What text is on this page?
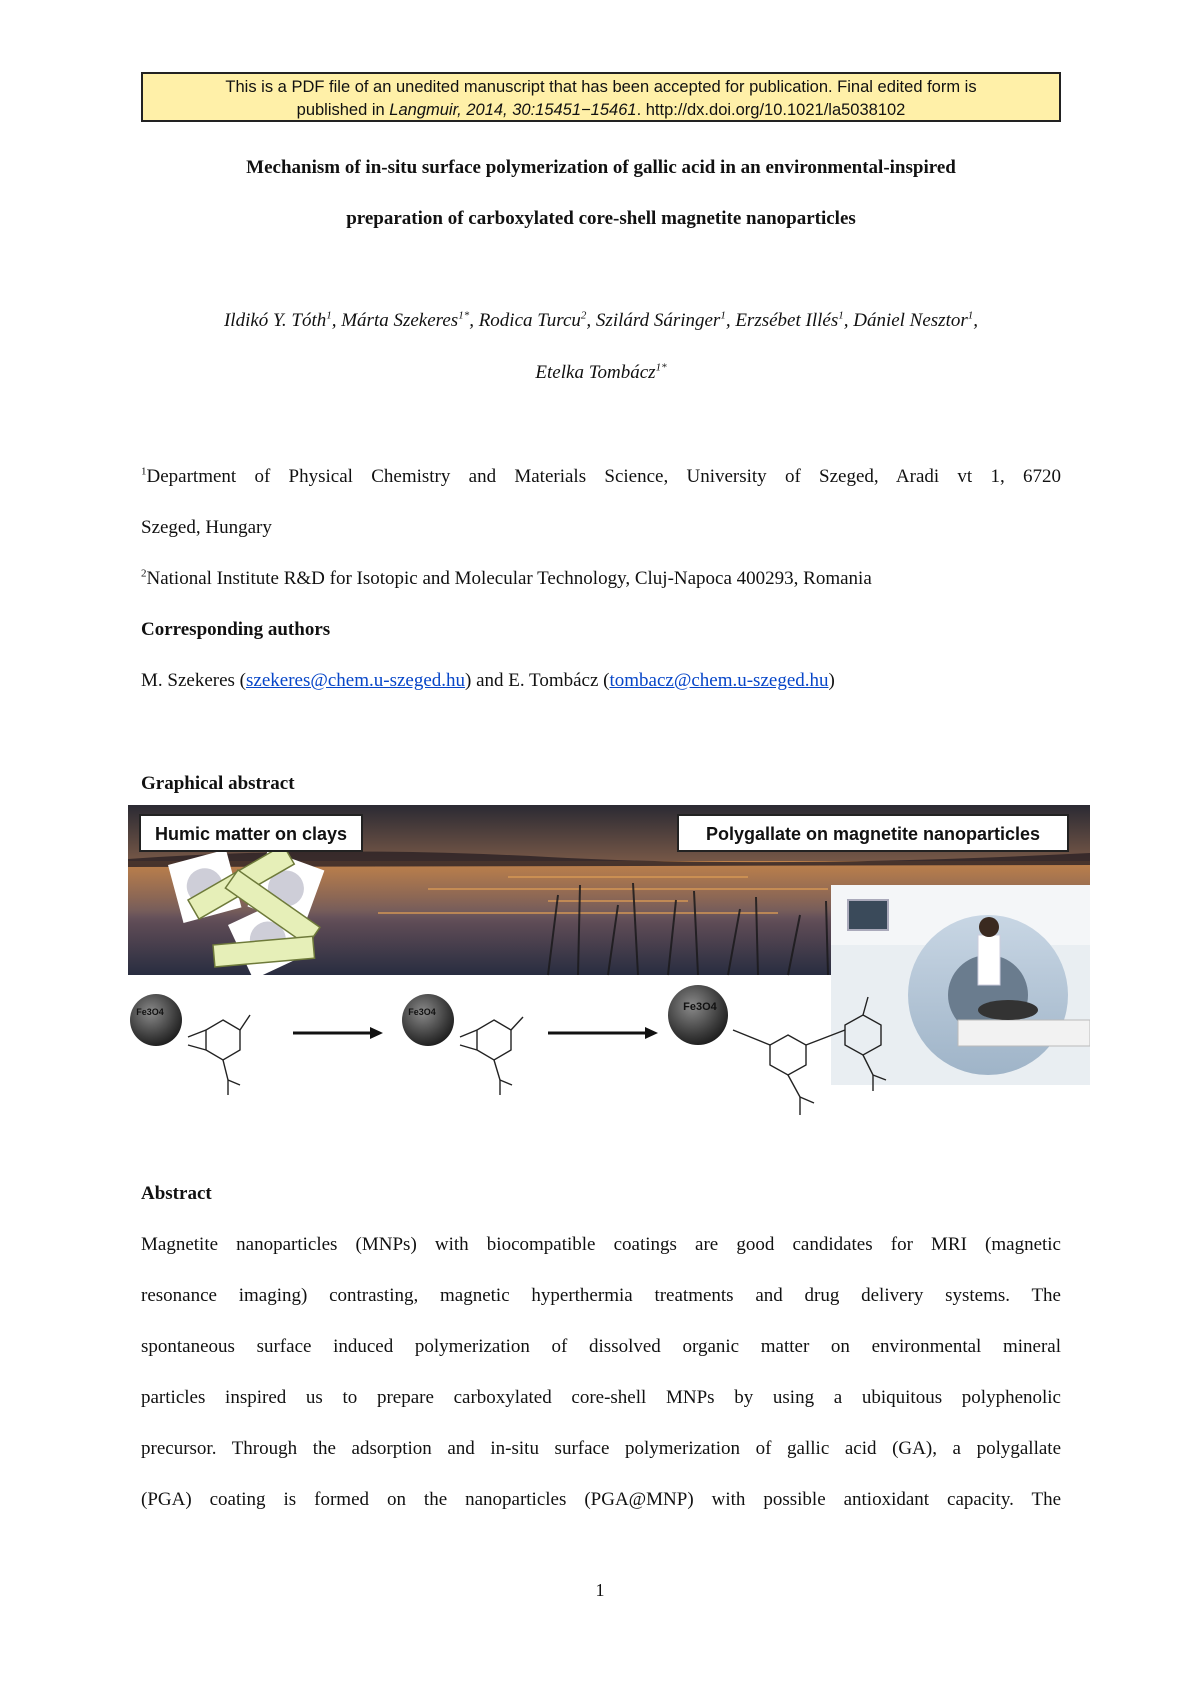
This is a PDF file of an unedited manuscript that has been accepted for publication. Final edited form is
published in Langmuir, 2014, 30:15451−15461. http://dx.doi.org/10.1021/la5038102
Mechanism of in-situ surface polymerization of gallic acid in an environmental-inspired
preparation of carboxylated core-shell magnetite nanoparticles
Ildikó Y. Tóth$^1$, Márta Szekeres$^{1*}$, Rodica Turcu$^2$, Szilárd Sáringer$^1$, Erzsébet Illés$^1$, Dániel Nesztor$^1$,
Etelka Tombácz$^{1*}$
$^1$Department of Physical Chemistry and Materials Science, University of Szeged, Aradi vt 1, 6720
Szeged, Hungary
$^2$National Institute R&D for Isotopic and Molecular Technology, Cluj-Napoca 400293, Romania
Corresponding authors
M. Szekeres (szekeres@chem.u-szeged.hu) and E. Tombácz (tombacz@chem.u-szeged.hu)
Graphical abstract
Humic matter on clays	Polygallate on magnetite nanoparticles
Fe3O4	Fe3O4	Fe3O4
Abstract
Magnetite nanoparticles (MNPs) with biocompatible coatings are good candidates for MRI (magnetic
resonance imaging) contrasting, magnetic hyperthermia treatments and drug delivery systems. The
spontaneous surface induced polymerization of dissolved organic matter on environmental mineral
particles inspired us to prepare carboxylated core-shell MNPs by using a ubiquitous polyphenolic
precursor. Through the adsorption and in-situ surface polymerization of gallic acid (GA), a polygallate
(PGA) coating is formed on the nanoparticles (PGA@MNP) with possible antioxidant capacity. The
1
